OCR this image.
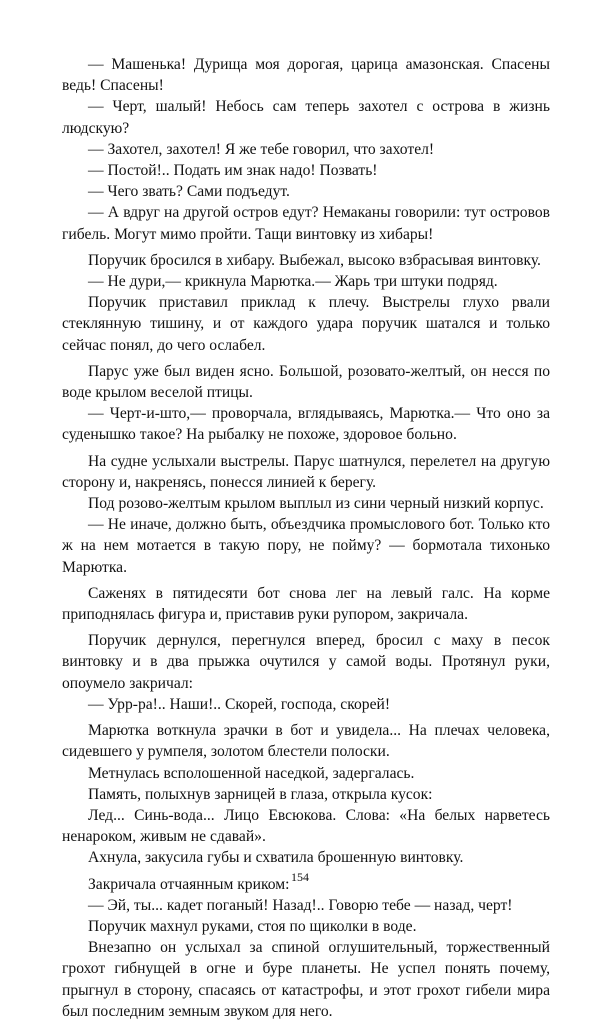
— Машенька! Дурища моя дорогая, царица амазонская. Спасены ведь! Спасены!

— Черт, шалый! Небось сам теперь захотел с острова в жизнь людскую?

— Захотел, захотел! Я же тебе говорил, что захотел!

— Постой!.. Подать им знак надо! Позвать!

— Чего звать? Сами подъедут.

— А вдруг на другой остров едут? Немаканы говорили: тут островов гибель. Могут мимо пройти. Тащи винтовку из хибары!

Поручик бросился в хибару. Выбежал, высоко взбрасывая винтовку.

— Не дури,— крикнула Марютка.— Жарь три штуки подряд.

Поручик приставил приклад к плечу. Выстрелы глухо рвали стеклянную тишину, и от каждого удара поручик шатался и только сейчас понял, до чего ослабел.

Парус уже был виден ясно. Большой, розовато-желтый, он несся по воде крылом веселой птицы.

— Черт-и-што,— проворчала, вглядываясь, Марютка.— Что оно за суденышко такое? На рыбалку не похоже, здоровое больно.

На судне услыхали выстрелы. Парус шатнулся, перелетел на другую сторону и, накренясь, понесся линией к берегу.

Под розово-желтым крылом выплыл из сини черный низкий корпус.

— Не иначе, должно быть, объездчика промыслового бот. Только кто ж на нем мотается в такую пору, не пойму? — бормотала тихонько Марютка.

Саженях в пятидесяти бот снова лег на левый галс. На корме приподнялась фигура и, приставив руки рупором, закричала.

Поручик дернулся, перегнулся вперед, бросил с маху в песок винтовку и в два прыжка очутился у самой воды. Протянул руки, опоумело закричал:

— Урр-ра!.. Наши!.. Скорей, господа, скорей!

Марютка воткнула зрачки в бот и увидела... На плечах человека, сидевшего у румпеля, золотом блестели полоски.

Метнулась всполошенной наседкой, задергалась.

Память, полыхнув зарницей в глаза, открыла кусок:

Лед... Синь-вода... Лицо Евсюкова. Слова: «На белых нарветесь ненароком, живым не сдавай».

Ахнула, закусила губы и схватила брошенную винтовку.

Закричала отчаянным криком:

— Эй, ты... кадет поганый! Назад!.. Говорю тебе — назад, черт!

Поручик махнул руками, стоя по щиколки в воде.

Внезапно он услыхал за спиной оглушительный, торжественный грохот гибнущей в огне и буре планеты. Не успел понять почему, прыгнул в сторону, спасаясь от катастрофы, и этот грохот гибели мира был последним земным звуком для него.

154
